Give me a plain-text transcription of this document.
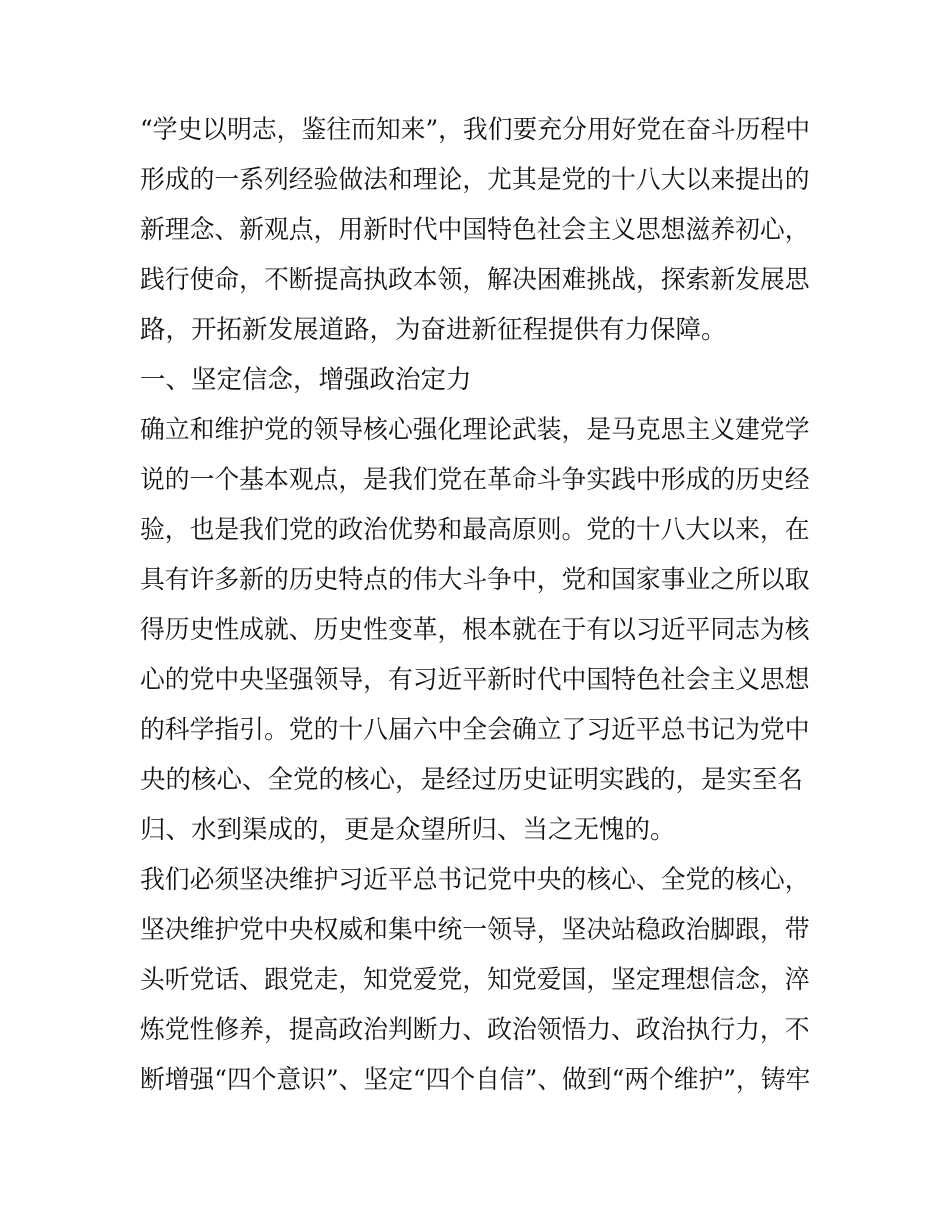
“学史以明志，鉴往而知来”，我们要充分用好党在奋斗历程中
形成的一系列经验做法和理论，尤其是党的十八大以来提出的
新理念、新观点，用新时代中国特色社会主义思想滋养初心，
践行使命，不断提高执政本领，解决困难挑战，探索新发展思
路，开拓新发展道路，为奋进新征程提供有力保障。
一、坚定信念，增强政治定力
确立和维护党的领导核心强化理论武装，是马克思主义建党学
说的一个基本观点，是我们党在革命斗争实践中形成的历史经
验，也是我们党的政治优势和最高原则。党的十八大以来，在
具有许多新的历史特点的伟大斗争中，党和国家事业之所以取
得历史性成就、历史性变革，根本就在于有以习近平同志为核
心的党中央坚强领导，有习近平新时代中国特色社会主义思想
的科学指引。党的十八届六中全会确立了习近平总书记为党中
央的核心、全党的核心，是经过历史证明实践的，是实至名
归、水到渠成的，更是众望所归、当之无愧的。
我们必须坚决维护习近平总书记党中央的核心、全党的核心，
坚决维护党中央权威和集中统一领导，坚决站稳政治脚跟，带
头听党话、跟党走，知党爱党，知党爱国，坚定理想信念，淬
炼党性修养，提高政治判断力、政治领悟力、政治执行力，不
断增强“四个意识”、坚定“四个自信”、做到“两个维护”，铸牢
